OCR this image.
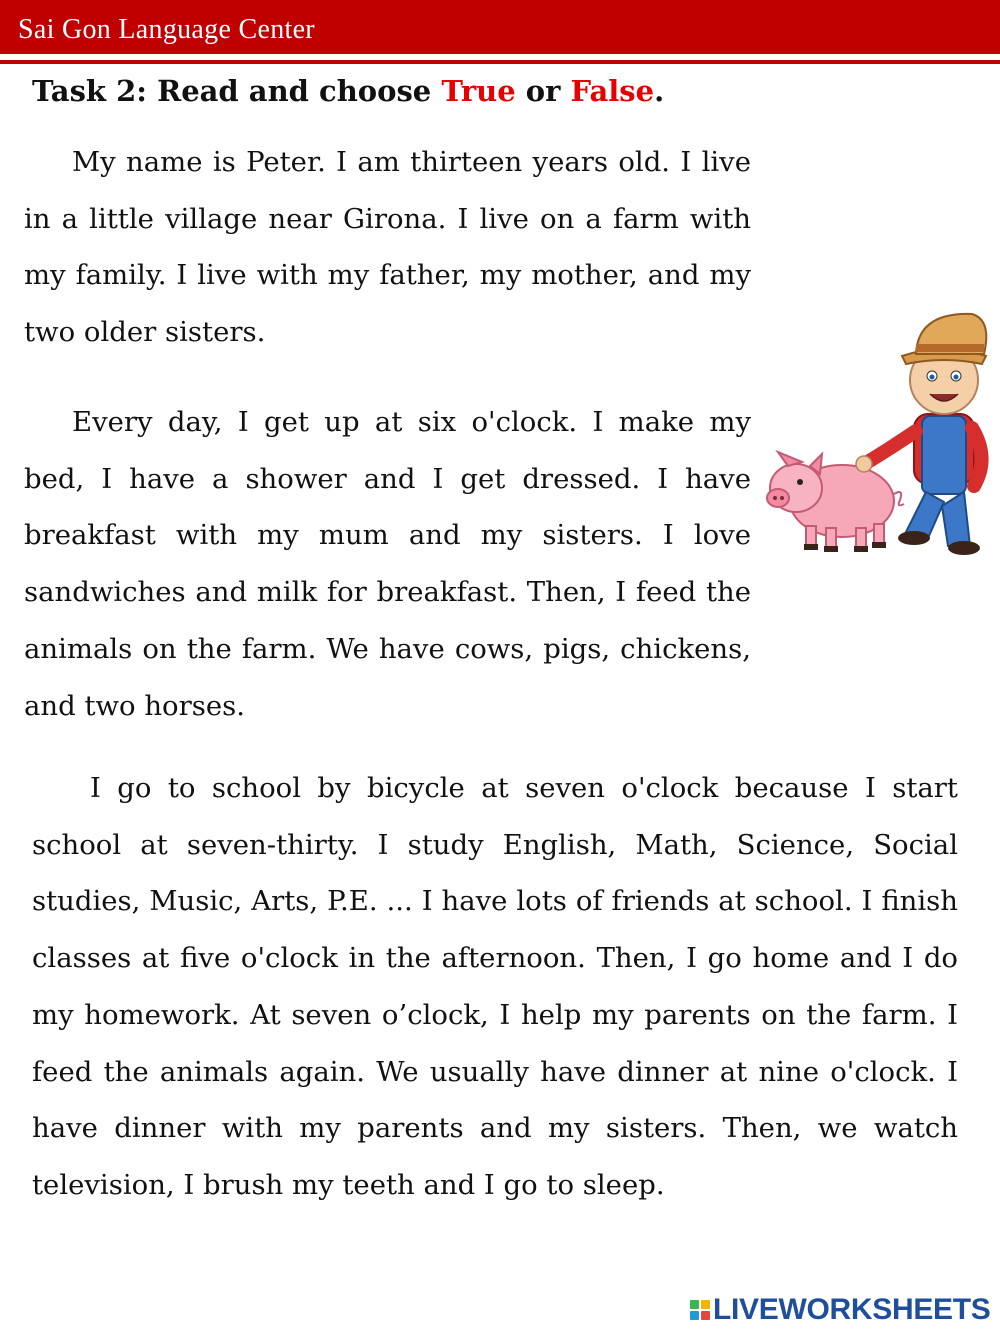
Sai Gon Language Center
Task 2: Read and choose True or False.

My name is Peter. I am thirteen years old. I live in a little village near Girona. I live on a farm with my family. I live with my father, my mother, and my two older sisters.

Every day, I get up at six o'clock. I make my bed, I have a shower and I get dressed. I have breakfast with my mum and my sisters. I love sandwiches and milk for breakfast. Then, I feed the animals on the farm. We have cows, pigs, chickens, and two horses.

I go to school by bicycle at seven o'clock because I start school at seven-thirty. I study English, Math, Science, Social studies, Music, Arts, P.E. ... I have lots of friends at school. I finish classes at five o'clock in the afternoon. Then, I go home and I do my homework. At seven o’clock, I help my parents on the farm. I feed the animals again. We usually have dinner at nine o'clock. I have dinner with my parents and my sisters. Then, we watch television, I brush my teeth and I go to sleep.

LIVEWORKSHEETS
